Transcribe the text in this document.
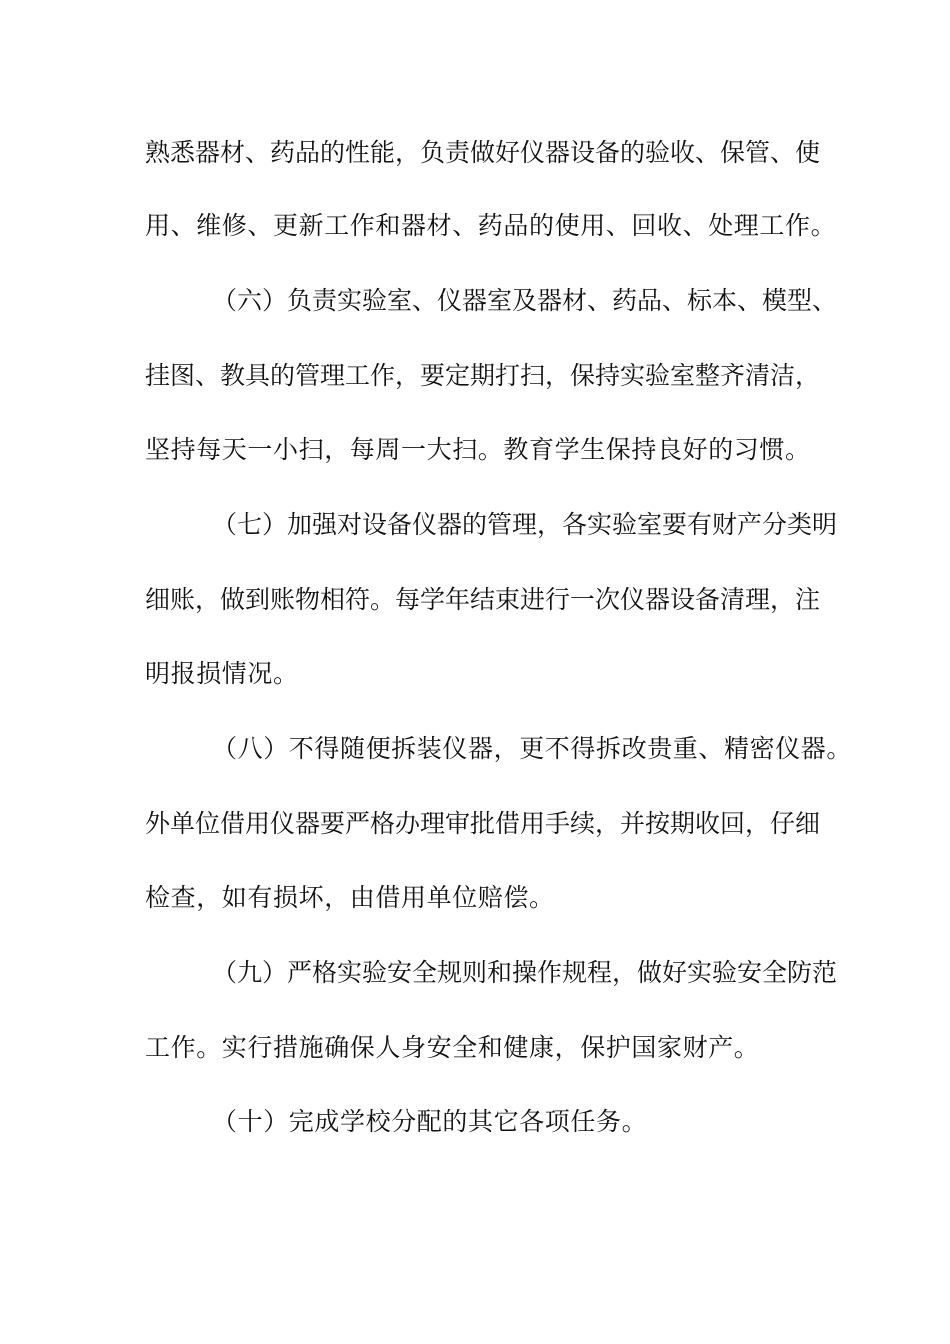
熟悉器材、药品的性能，负责做好仪器设备的验收、保管、使
用、维修、更新工作和器材、药品的使用、回收、处理工作。
（六）负责实验室、仪器室及器材、药品、标本、模型、
挂图、教具的管理工作，要定期打扫，保持实验室整齐清洁，
坚持每天一小扫，每周一大扫。教育学生保持良好的习惯。
（七）加强对设备仪器的管理，各实验室要有财产分类明
细账，做到账物相符。每学年结束进行一次仪器设备清理，注
明报损情况。
（八）不得随便拆装仪器，更不得拆改贵重、精密仪器。
外单位借用仪器要严格办理审批借用手续，并按期收回，仔细
检查，如有损坏，由借用单位赔偿。
（九）严格实验安全规则和操作规程，做好实验安全防范
工作。实行措施确保人身安全和健康，保护国家财产。
（十）完成学校分配的其它各项任务。
